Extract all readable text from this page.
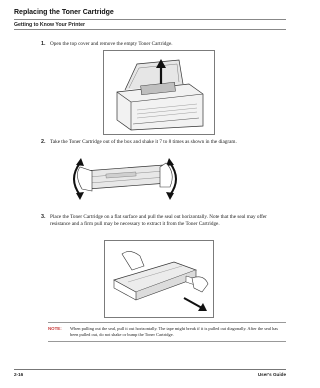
Replacing the Toner Cartridge
Getting to Know Your Printer
1. Open the top cover and remove the empty Toner Cartridge.
2. Take the Toner Cartridge out of the box and shake it 7 to 8 times as shown in the diagram.
3. Place the Toner Cartridge on a flat surface and pull the seal out horizontally. Note that the seal may offer resistance and a firm pull may be necessary to extract it from the Toner Cartridge.
NOTE: When pulling out the seal, pull it out horizontally. The tape might break if it is pulled out diagonally. After the seal has been pulled out, do not shake or bump the Toner Cartridge.
2-16	User's Guide
